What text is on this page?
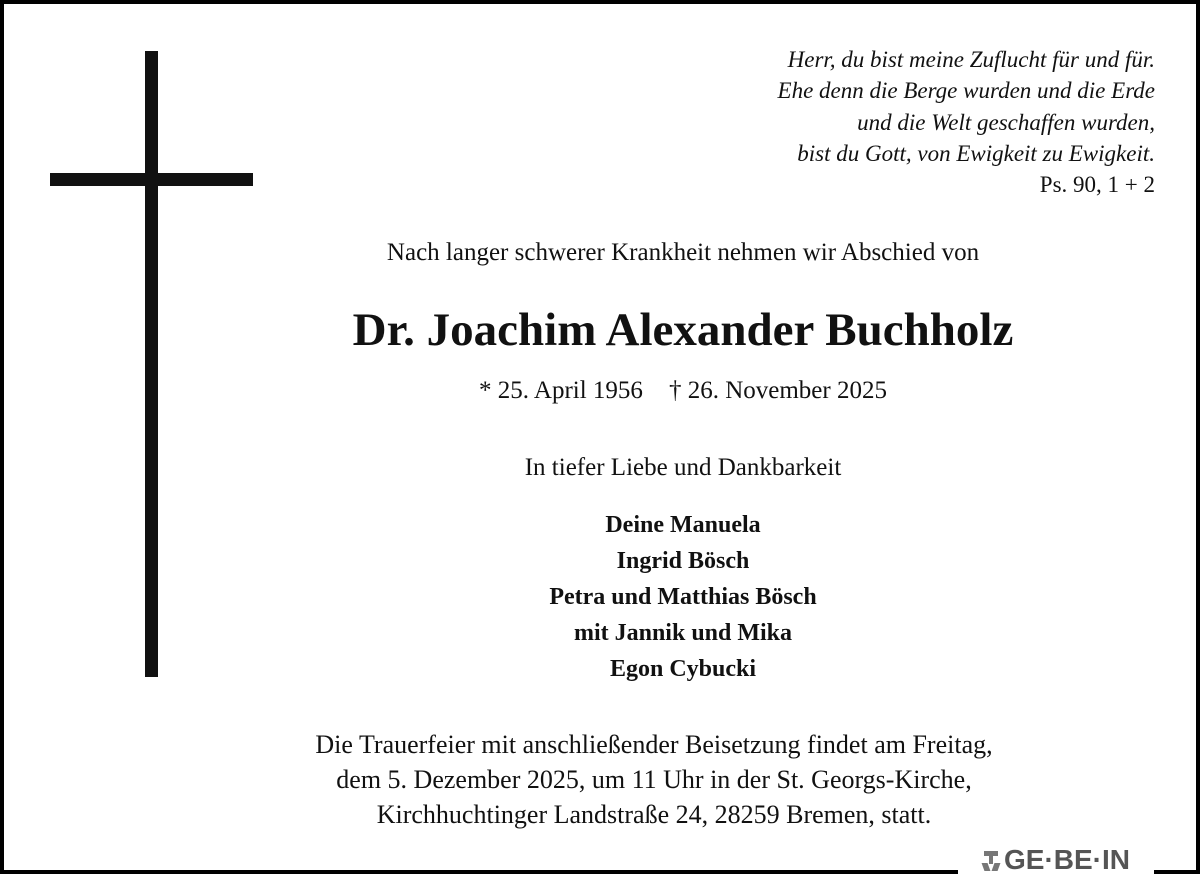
Herr, du bist meine Zuflucht für und für.
Ehe denn die Berge wurden und die Erde
und die Welt geschaffen wurden,
bist du Gott, von Ewigkeit zu Ewigkeit.
Ps. 90, 1 + 2
Nach langer schwerer Krankheit nehmen wir Abschied von
Dr. Joachim Alexander Buchholz
* 25. April 1956 † 26. November 2025
In tiefer Liebe und Dankbarkeit
Deine Manuela
Ingrid Bösch
Petra und Matthias Bösch
mit Jannik und Mika
Egon Cybucki
Die Trauerfeier mit anschließender Beisetzung findet am Freitag,
dem 5. Dezember 2025, um 11 Uhr in der St. Georgs-Kirche,
Kirchhuchtinger Landstraße 24, 28259 Bremen, statt.
GE·BE·IN
